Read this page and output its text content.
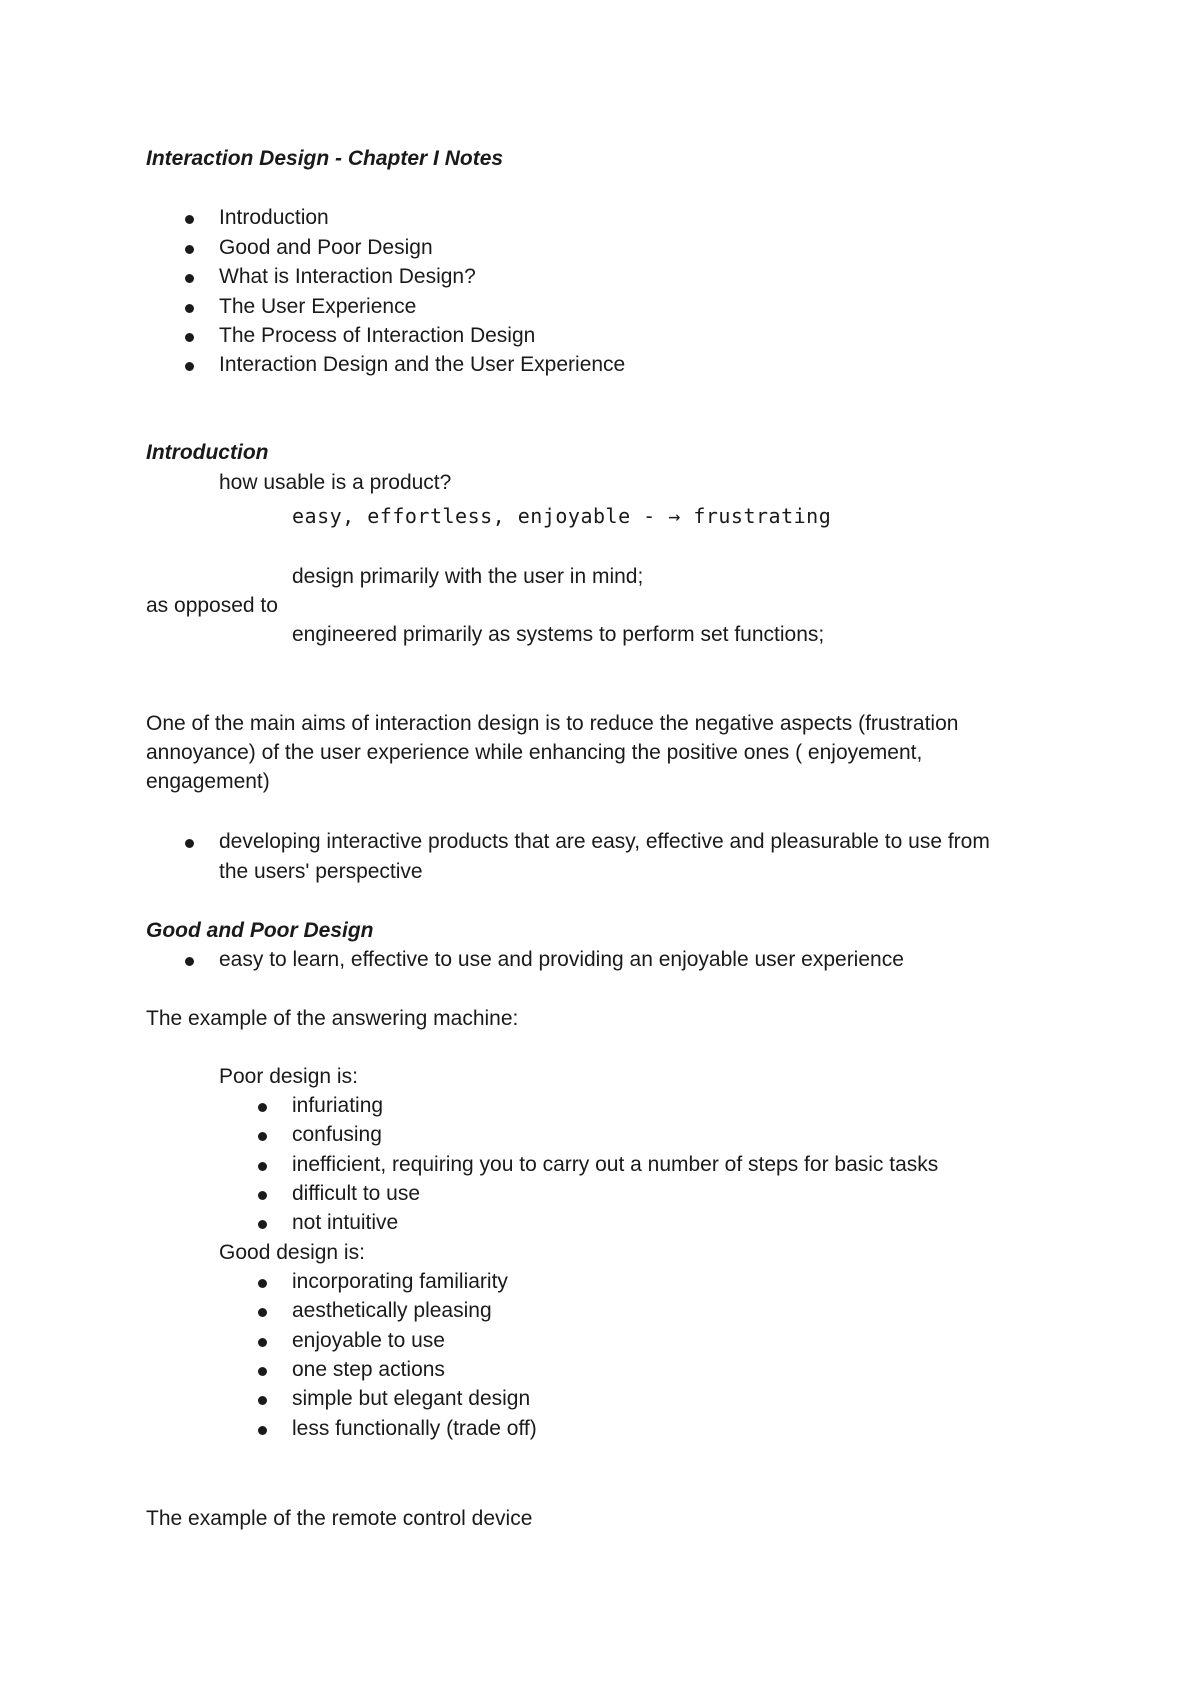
Interaction Design - Chapter I Notes
Introduction
Good and Poor Design
What is Interaction Design?
The User Experience
The Process of Interaction Design
Interaction Design and the User Experience
Introduction
how usable is a product?
easy, effortless, enjoyable - → frustrating
design primarily with the user in mind;
as opposed to
engineered primarily as systems to perform set functions;
One of the main aims of interaction design is to reduce the negative aspects (frustration
annoyance) of the user experience while enhancing the positive ones ( enjoyement,
engagement)
developing interactive products that are easy, effective and pleasurable to use from
the users' perspective
Good and Poor Design
easy to learn, effective to use and providing an enjoyable user experience
The example of the answering machine:
Poor design is:
infuriating
confusing
inefficient, requiring you to carry out a number of steps for basic tasks
difficult to use
not intuitive
Good design is:
incorporating familiarity
aesthetically pleasing
enjoyable to use
one step actions
simple but elegant design
less functionally (trade off)
The example of the remote control device
